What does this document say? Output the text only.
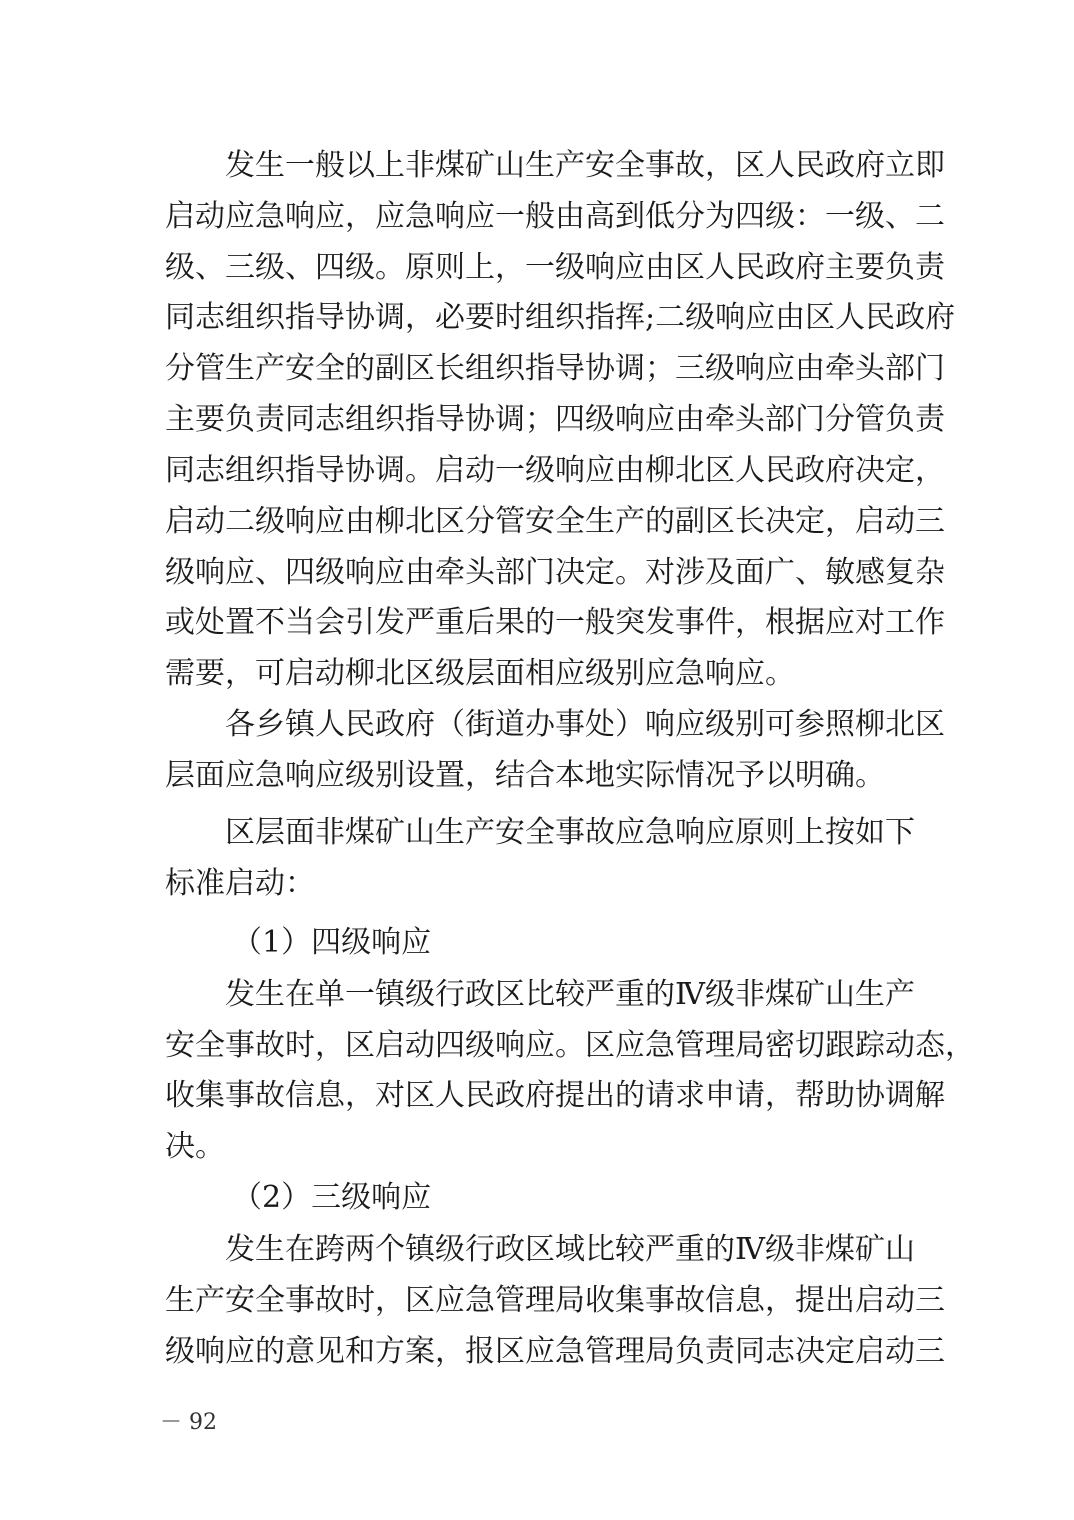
发生一般以上非煤矿山生产安全事故，区人民政府立即
启动应急响应，应急响应一般由高到低分为四级：一级、二
级、三级、四级。原则上，一级响应由区人民政府主要负责
同志组织指导协调，必要时组织指挥;二级响应由区人民政府
分管生产安全的副区长组织指导协调；三级响应由牵头部门
主要负责同志组织指导协调；四级响应由牵头部门分管负责
同志组织指导协调。启动一级响应由柳北区人民政府决定，
启动二级响应由柳北区分管安全生产的副区长决定，启动三
级响应、四级响应由牵头部门决定。对涉及面广、敏感复杂
或处置不当会引发严重后果的一般突发事件，根据应对工作
需要，可启动柳北区级层面相应级别应急响应。
各乡镇人民政府（街道办事处）响应级别可参照柳北区
层面应急响应级别设置，结合本地实际情况予以明确。
区层面非煤矿山生产安全事故应急响应原则上按如下
标准启动：
（1）四级响应
发生在单一镇级行政区比较严重的Ⅳ级非煤矿山生产
安全事故时，区启动四级响应。区应急管理局密切跟踪动态，
收集事故信息，对区人民政府提出的请求申请，帮助协调解
决。
（2）三级响应
发生在跨两个镇级行政区域比较严重的Ⅳ级非煤矿山
生产安全事故时，区应急管理局收集事故信息，提出启动三
级响应的意见和方案，报区应急管理局负责同志决定启动三
－ 92
